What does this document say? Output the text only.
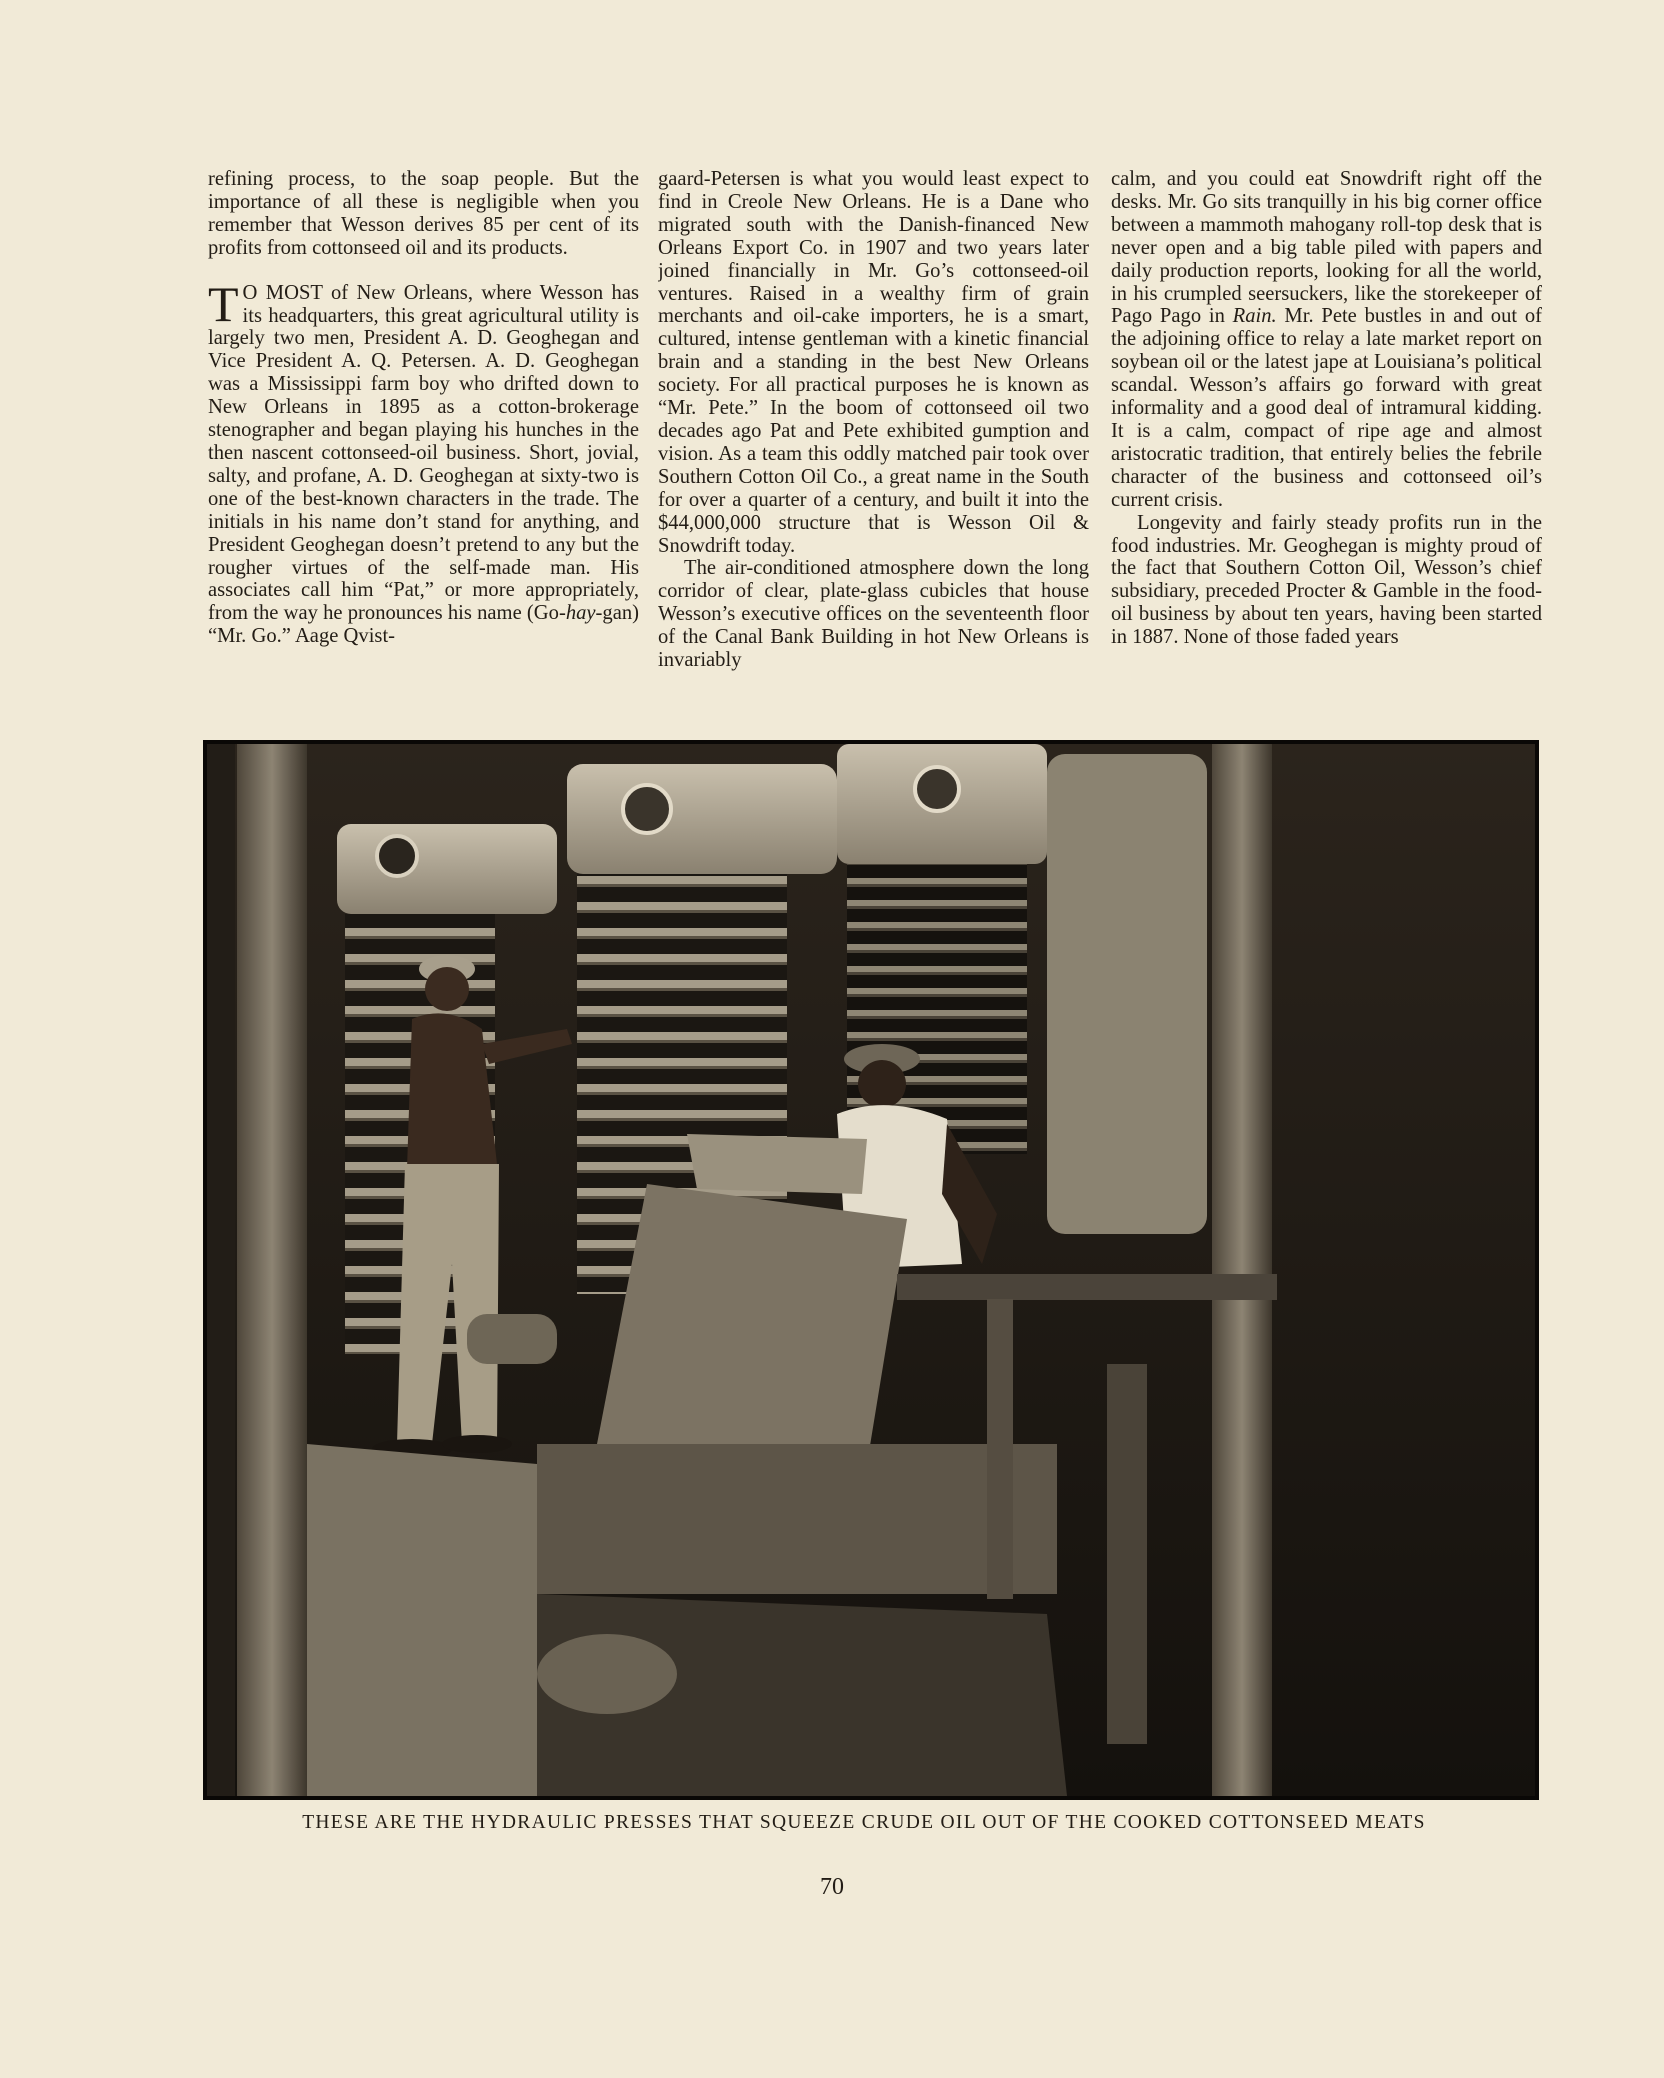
refining process, to the soap people. But the importance of all these is negligible when you remember that Wesson derives 85 per cent of its profits from cottonseed oil and its products.

T O MOST of New Orleans, where Wesson has its headquarters, this great agricultural utility is largely two men, President A. D. Geoghegan and Vice President A. Q. Petersen. A. D. Geoghegan was a Mississippi farm boy who drifted down to New Orleans in 1895 as a cotton-brokerage stenographer and began playing his hunches in the then nascent cottonseed-oil business. Short, jovial, salty, and profane, A. D. Geoghegan at sixty-two is one of the best-known characters in the trade. The initials in his name don’t stand for anything, and President Geoghegan doesn’t pretend to any but the rougher virtues of the self-made man. His associates call him “Pat,” or more appropriately, from the way he pronounces his name (Go-hay-gan) “Mr. Go.” Aage Qvist-

gaard-Petersen is what you would least expect to find in Creole New Orleans. He is a Dane who migrated south with the Danish-financed New Orleans Export Co. in 1907 and two years later joined financially in Mr. Go’s cottonseed-oil ventures. Raised in a wealthy firm of grain merchants and oil-cake importers, he is a smart, cultured, intense gentleman with a kinetic financial brain and a standing in the best New Orleans society. For all practical purposes he is known as “Mr. Pete.” In the boom of cottonseed oil two decades ago Pat and Pete exhibited gumption and vision. As a team this oddly matched pair took over Southern Cotton Oil Co., a great name in the South for over a quarter of a century, and built it into the $44,000,000 structure that is Wesson Oil & Snowdrift today.

The air-conditioned atmosphere down the long corridor of clear, plate-glass cubicles that house Wesson’s executive offices on the seventeenth floor of the Canal Bank Building in hot New Orleans is invariably

calm, and you could eat Snowdrift right off the desks. Mr. Go sits tranquilly in his big corner office between a mammoth mahogany roll-top desk that is never open and a big table piled with papers and daily production reports, looking for all the world, in his crumpled seersuckers, like the storekeeper of Pago Pago in Rain. Mr. Pete bustles in and out of the adjoining office to relay a late market report on soybean oil or the latest jape at Louisiana’s political scandal. Wesson’s affairs go forward with great informality and a good deal of intramural kidding. It is a calm, compact of ripe age and almost aristocratic tradition, that entirely belies the febrile character of the business and cottonseed oil’s current crisis.

Longevity and fairly steady profits run in the food industries. Mr. Geoghegan is mighty proud of the fact that Southern Cotton Oil, Wesson’s chief subsidiary, preceded Procter & Gamble in the food-oil business by about ten years, having been started in 1887. None of those faded years

THESE ARE THE HYDRAULIC PRESSES THAT SQUEEZE CRUDE OIL OUT OF THE COOKED COTTONSEED MEATS
70
